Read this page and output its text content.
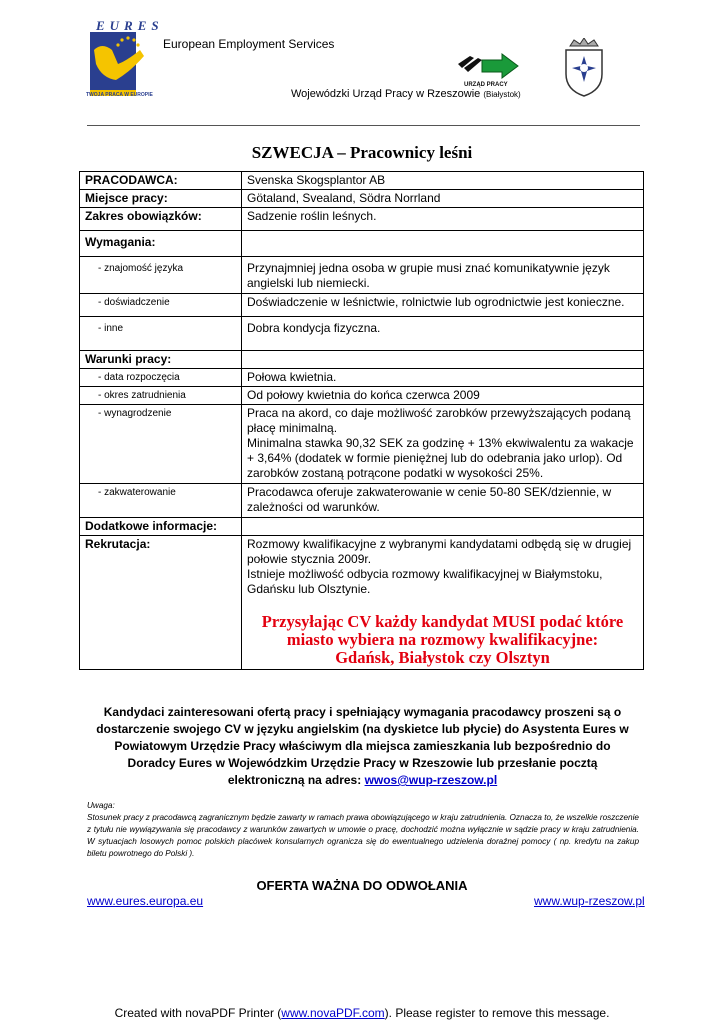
EURES
TWOJA PRACA W EUROPIE
European Employment Services
URZĄD PRACY
Wojewódzki Urząd Pracy w Rzeszowie (Białystok)
SZWECJA – Pracownicy leśni
PRACODAWCA:	Svenska Skogsplantor AB
Miejsce pracy:	Götaland, Svealand, Södra Norrland
Zakres obowiązków:	Sadzenie roślin leśnych.
Wymagania:	
- znajomość języka	Przynajmniej jedna osoba w grupie musi znać komunikatywnie język angielski lub niemiecki.
- doświadczenie	Doświadczenie w leśnictwie, rolnictwie lub ogrodnictwie jest konieczne.
- inne	Dobra kondycja fizyczna.
Warunki pracy:	
- data rozpoczęcia	Połowa kwietnia.
- okres zatrudnienia	Od połowy kwietnia do końca czerwca 2009
- wynagrodzenie	Praca na akord, co daje możliwość zarobków przewyższających podaną płacę minimalną.
Minimalna stawka 90,32 SEK za godzinę + 13% ekwiwalentu za wakacje + 3,64% (dodatek w formie pieniężnej lub do odebrania jako urlop). Od zarobków zostaną potrącone podatki w wysokości 25%.

- zakwaterowanie	Pracodawca oferuje zakwaterowanie w cenie 50-80 SEK/dziennie, w zależności od warunków.
Dodatkowe informacje:	
Rekrutacja:	Rozmowy kwalifikacyjne z wybranymi kandydatami odbędą się w drugiej połowie stycznia 2009r.
Istnieje możliwość odbycia rozmowy kwalifikacyjnej w Białymstoku, Gdańsku lub Olsztynie.
Przysyłając CV każdy kandydat MUSI podać które
miasto wybiera na rozmowy kwalifikacyjne:
Gdańsk, Białystok czy Olsztyn
Kandydaci zainteresowani ofertą pracy i spełniający wymagania pracodawcy proszeni są o dostarczenie swojego CV w języku angielskim (na dyskietce lub płycie) do Asystenta Eures w Powiatowym Urzędzie Pracy właściwym dla miejsca zamieszkania lub bezpośrednio do Doradcy Eures w Wojewódzkim Urzędzie Pracy w Rzeszowie lub przesłanie pocztą elektroniczną na adres: wwos@wup-rzeszow.pl
Uwaga:
Stosunek pracy z pracodawcą zagranicznym będzie zawarty w ramach prawa obowiązującego w kraju zatrudnienia. Oznacza to, że wszelkie roszczenie z tytułu nie wywiązywania się pracodawcy z warunków zawartych w umowie o pracę, dochodzić można wyłącznie w sądzie pracy w kraju zatrudnienia. W sytuacjach losowych pomoc polskich placówek konsularnych ogranicza się do ewentualnego udzielenia doraźnej pomocy ( np. kredytu na zakup biletu powrotnego do Polski ).
OFERTA WAŻNA DO ODWOŁANIA
www.eures.europa.eu	www.wup-rzeszow.pl
Created with novaPDF Printer (www.novaPDF.com). Please register to remove this message.
